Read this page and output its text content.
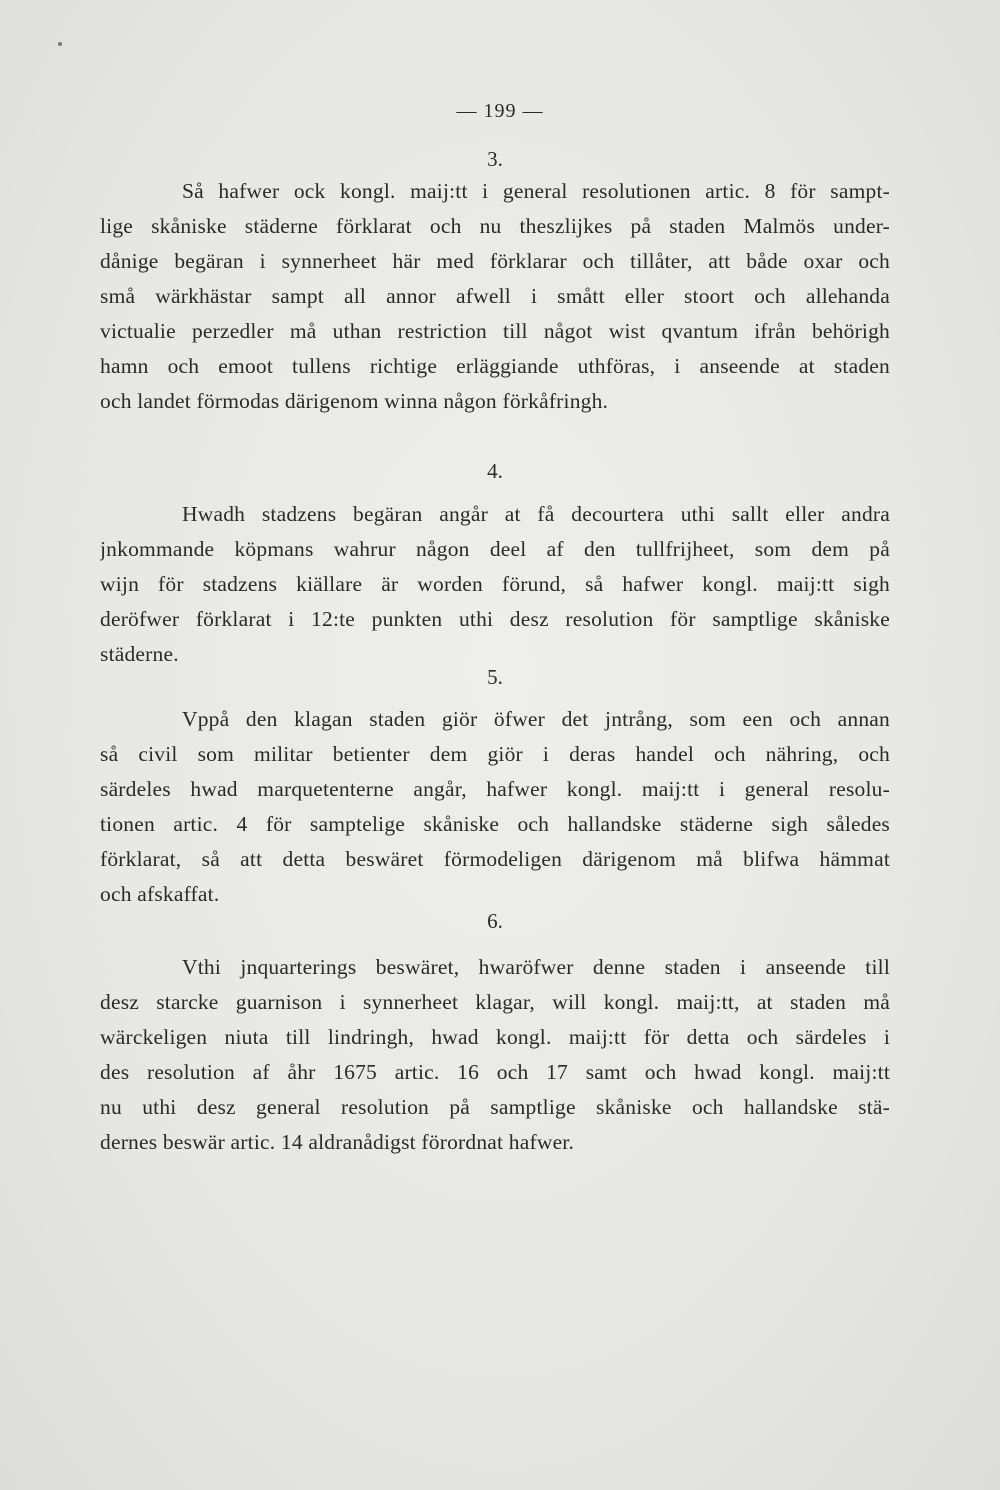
— 199 —
3.
Så hafwer ock kongl. maij:tt i general resolutionen artic. 8 för sampt-
lige skåniske städerne förklarat och nu theszlijkes på staden Malmös under-
dånige begäran i synnerheet här med förklarar och tillåter, att både oxar och
små wärkhästar sampt all annor afwell i smått eller stoort och allehanda
victualie perzedler må uthan restriction till något wist qvantum ifrån behörigh
hamn och emoot tullens richtige erläggiande uthföras, i anseende at staden
och landet förmodas därigenom winna någon förkåfringh.
4.
Hwadh stadzens begäran angår at få decourtera uthi sallt eller andra
jnkommande köpmans wahrur någon deel af den tullfrijheet, som dem på
wijn för stadzens kiällare är worden förund, så hafwer kongl. maij:tt sigh
deröfwer förklarat i 12:te punkten uthi desz resolution för samptlige skåniske
städerne.
5.
Vppå den klagan staden giör öfwer det jntrång, som een och annan
så civil som militar betienter dem giör i deras handel och nähring, och
särdeles hwad marquetenterne angår, hafwer kongl. maij:tt i general resolu-
tionen artic. 4 för samptelige skåniske och hallandske städerne sigh således
förklarat, så att detta beswäret förmodeligen därigenom må blifwa hämmat
och afskaffat.
6.
Vthi jnquarterings beswäret, hwaröfwer denne staden i anseende till
desz starcke guarnison i synnerheet klagar, will kongl. maij:tt, at staden må
wärckeligen niuta till lindringh, hwad kongl. maij:tt för detta och särdeles i
des resolution af åhr 1675 artic. 16 och 17 samt och hwad kongl. maij:tt
nu uthi desz general resolution på samptlige skåniske och hallandske stä-
dernes beswär artic. 14 aldranådigst förordnat hafwer.
